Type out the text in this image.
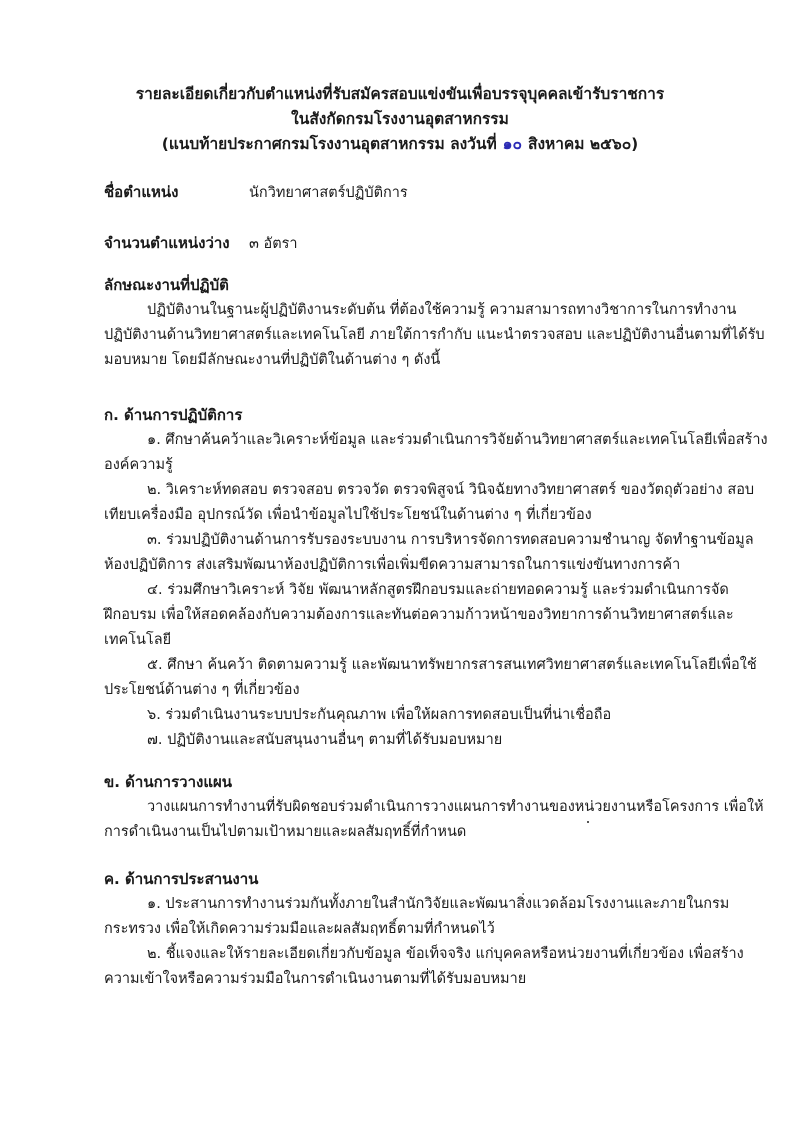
รายละเอียดเกี่ยวกับตำแหน่งที่รับสมัครสอบแข่งขันเพื่อบรรจุบุคคลเข้ารับราชการ
ในสังกัดกรมโรงงานอุตสาหกรรม
(แนบท้ายประกาศกรมโรงงานอุตสาหกรรม ลงวันที่ ๑๐ สิงหาคม ๒๕๖๐)
ชื่อตำแหน่ง	นักวิทยาศาสตร์ปฏิบัติการ
จำนวนตำแหน่งว่าง ๓ อัตรา
ลักษณะงานที่ปฏิบัติ
ปฏิบัติงานในฐานะผู้ปฏิบัติงานระดับต้น ที่ต้องใช้ความรู้ ความสามารถทางวิชาการในการทำงาน
ปฏิบัติงานด้านวิทยาศาสตร์และเทคโนโลยี ภายใต้การกำกับ แนะนำตรวจสอบ และปฏิบัติงานอื่นตามที่ได้รับ
มอบหมาย โดยมีลักษณะงานที่ปฏิบัติในด้านต่าง ๆ ดังนี้
ก. ด้านการปฏิบัติการ
๑. ศึกษาค้นคว้าและวิเคราะห์ข้อมูล และร่วมดำเนินการวิจัยด้านวิทยาศาสตร์และเทคโนโลยีเพื่อสร้าง
องค์ความรู้
๒. วิเคราะห์ทดสอบ ตรวจสอบ ตรวจวัด ตรวจพิสูจน์ วินิจฉัยทางวิทยาศาสตร์ ของวัตถุตัวอย่าง สอบ
เทียบเครื่องมือ อุปกรณ์วัด เพื่อนำข้อมูลไปใช้ประโยชน์ในด้านต่าง ๆ ที่เกี่ยวข้อง
๓. ร่วมปฏิบัติงานด้านการรับรองระบบงาน การบริหารจัดการทดสอบความชำนาญ จัดทำฐานข้อมูล
ห้องปฏิบัติการ ส่งเสริมพัฒนาห้องปฏิบัติการเพื่อเพิ่มขีดความสามารถในการแข่งขันทางการค้า
๔. ร่วมศึกษาวิเคราะห์ วิจัย พัฒนาหลักสูตรฝึกอบรมและถ่ายทอดความรู้ และร่วมดำเนินการจัด
ฝึกอบรม เพื่อให้สอดคล้องกับความต้องการและทันต่อความก้าวหน้าของวิทยาการด้านวิทยาศาสตร์และ
เทคโนโลยี
๕. ศึกษา ค้นคว้า ติดตามความรู้ และพัฒนาทรัพยากรสารสนเทศวิทยาศาสตร์และเทคโนโลยีเพื่อใช้
ประโยชน์ด้านต่าง ๆ ที่เกี่ยวข้อง
๖. ร่วมดำเนินงานระบบประกันคุณภาพ เพื่อให้ผลการทดสอบเป็นที่น่าเชื่อถือ
๗. ปฏิบัติงานและสนับสนุนงานอื่นๆ ตามที่ได้รับมอบหมาย
ข. ด้านการวางแผน
วางแผนการทำงานที่รับผิดชอบร่วมดำเนินการวางแผนการทำงานของหน่วยงานหรือโครงการ เพื่อให้
การดำเนินงานเป็นไปตามเป้าหมายและผลสัมฤทธิ์ที่กำหนด
ค. ด้านการประสานงาน
๑. ประสานการทำงานร่วมกันทั้งภายในสำนักวิจัยและพัฒนาสิ่งแวดล้อมโรงงานและภายในกรม
กระทรวง เพื่อให้เกิดความร่วมมือและผลสัมฤทธิ์ตามที่กำหนดไว้
๒. ชี้แจงและให้รายละเอียดเกี่ยวกับข้อมูล ข้อเท็จจริง แก่บุคคลหรือหน่วยงานที่เกี่ยวข้อง เพื่อสร้าง
ความเข้าใจหรือความร่วมมือในการดำเนินงานตามที่ได้รับมอบหมาย
